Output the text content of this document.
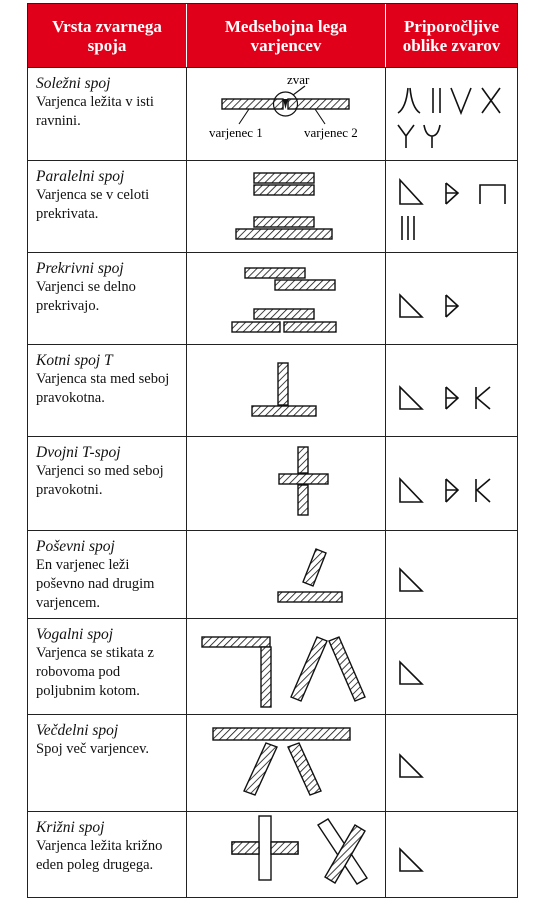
Vrsta zvarnega spoja
Medsebojna lega varjencev
Priporočljive oblike zvarov
Soležni spoj
Varjenca ležita v isti ravnini.
zvar
varjenec 1	varjenec 2
Paralelni spoj
Varjenca se v celoti prekrivata.
Prekrivni spoj
Varjenci se delno prekrivajo.
Kotni spoj T
Varjenca sta med seboj pravokotna.
Dvojni T-spoj
Varjenci so med seboj pravokotni.
Poševni spoj
En varjenec leži poševno nad drugim varjencem.
Vogalni spoj
Varjenca se stikata z robovoma pod poljubnim kotom.
Večdelni spoj
Spoj več varjencev.
Križni spoj
Varjenca ležita križno eden poleg drugega.
